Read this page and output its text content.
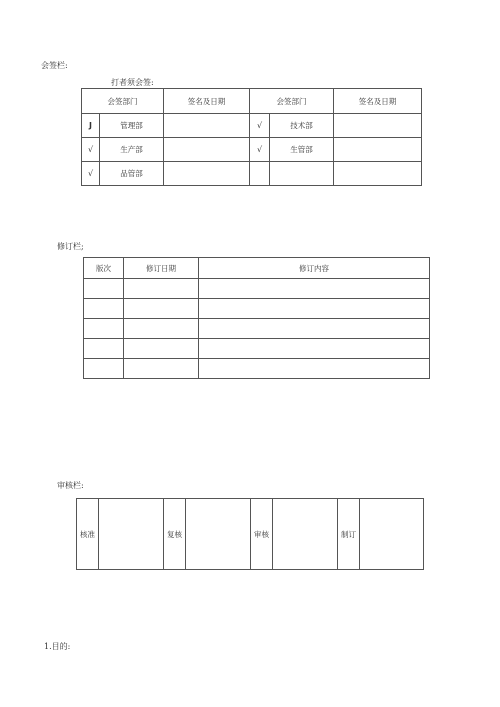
会签栏:
打者须会签:
会签部门		签名及日期	会签部门		签名及日期
J	管理部		√	技术部	
√	生产部		√	生管部	
√	品管部				
修订栏;
版次	修订日期	修订内容

审核栏:
核准		复核		审核		制订	
1.目的:
